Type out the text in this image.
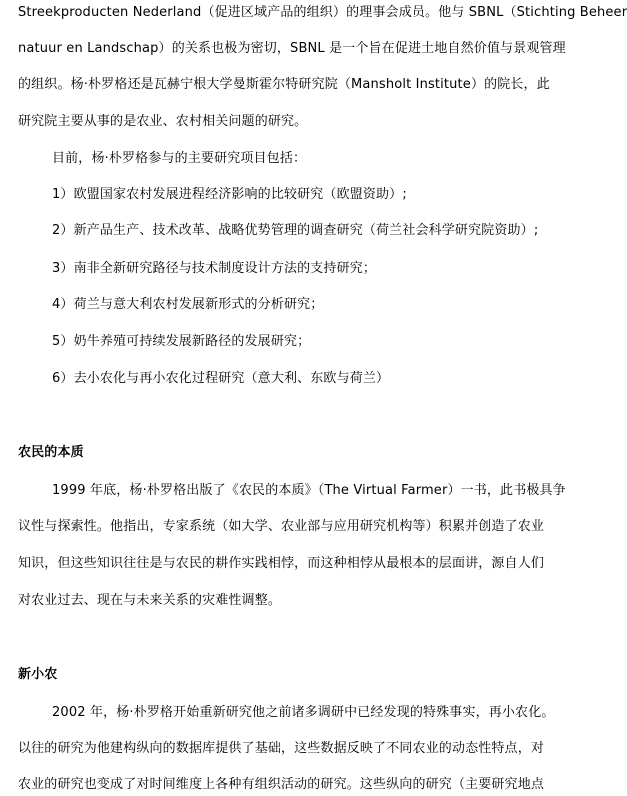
Streekproducten Nederland（促进区域产品的组织）的理事会成员。他与 SBNL（Stichting Beheer
natuur en Landschap）的关系也极为密切，SBNL 是一个旨在促进土地自然价值与景观管理
的组织。杨·朴罗格还是瓦赫宁根大学曼斯霍尔特研究院（Mansholt Institute）的院长，此
研究院主要从事的是农业、农村相关问题的研究。
目前，杨·朴罗格参与的主要研究项目包括：
1）欧盟国家农村发展进程经济影响的比较研究（欧盟资助）;
2）新产品生产、技术改革、战略优势管理的调查研究（荷兰社会科学研究院资助）;
3）南非全新研究路径与技术制度设计方法的支持研究；
4）荷兰与意大利农村发展新形式的分析研究；
5）奶牛养殖可持续发展新路径的发展研究；
6）去小农化与再小农化过程研究（意大利、东欧与荷兰）
农民的本质
1999 年底，杨·朴罗格出版了《农民的本质》（The Virtual Farmer）一书，此书极具争
议性与探索性。他指出，专家系统（如大学、农业部与应用研究机构等）积累并创造了农业
知识，但这些知识往往是与农民的耕作实践相悖，而这种相悖从最根本的层面讲，源自人们
对农业过去、现在与未来关系的灾难性调整。
新小农
2002 年，杨·朴罗格开始重新研究他之前诸多调研中已经发现的特殊事实，再小农化。
以往的研究为他建构纵向的数据库提供了基础，这些数据反映了不同农业的动态性特点，对
农业的研究也变成了对时间维度上各种有组织活动的研究。这些纵向的研究（主要研究地点
